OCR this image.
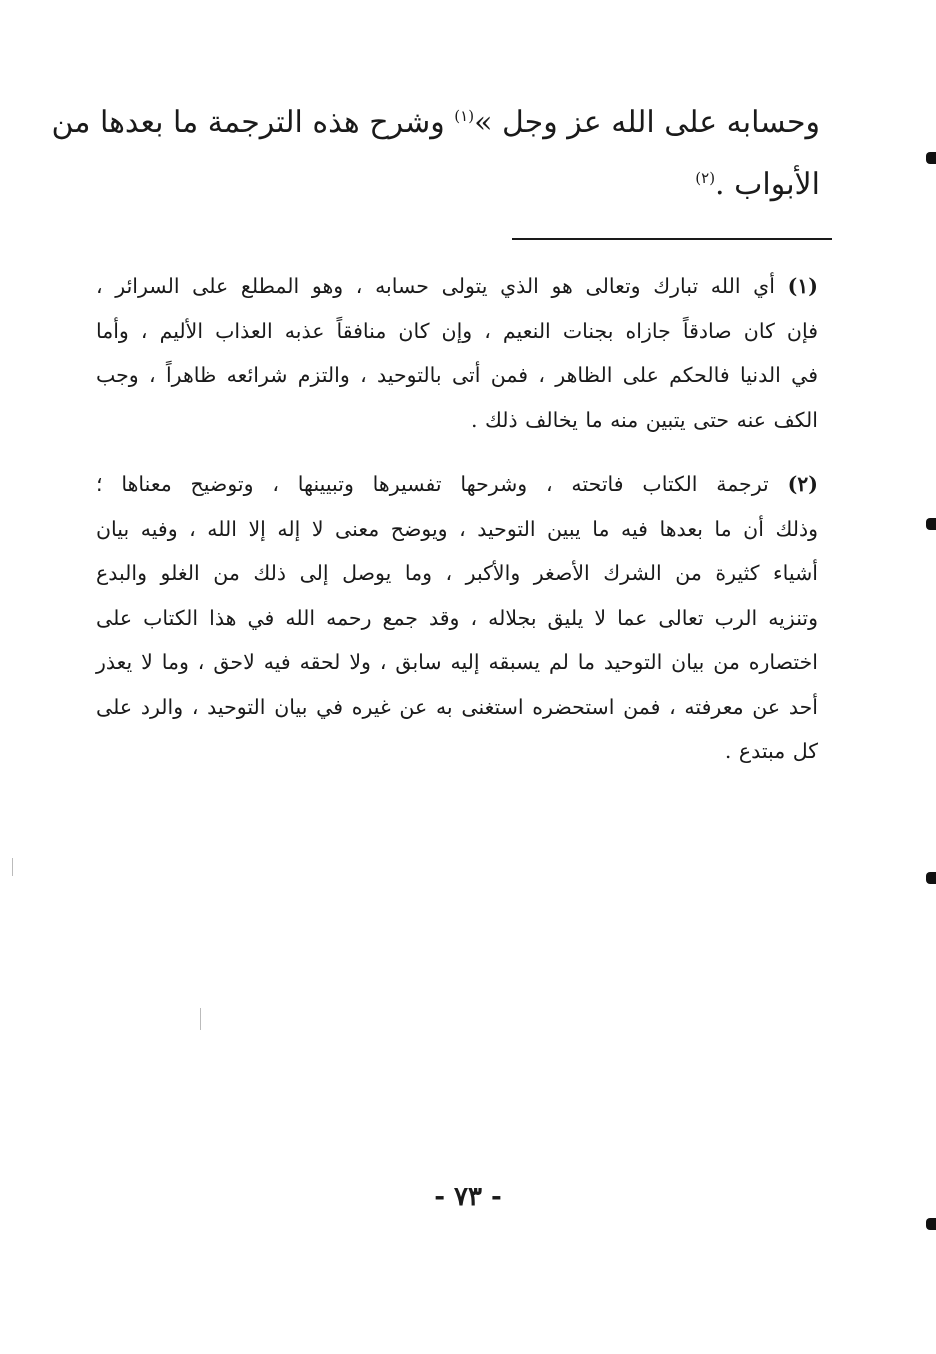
وحسابه على الله عز وجل »$^{(١)}$ وشرح هذه الترجمة ما بعدها من
الأبواب .$^{(٢)}$
(١) أي الله تبارك وتعالى هو الذي يتولى حسابه ، وهو المطلع على السرائر ،
فإن كان صادقاً جازاه بجنات النعيم ، وإن كان منافقاً عذبه العذاب الأليم ، وأما
في الدنيا فالحكم على الظاهر ، فمن أتى بالتوحيد ، والتزم شرائعه ظاهراً ، وجب
الكف عنه حتى يتبين منه ما يخالف ذلك .
(٢) ترجمة الكتاب فاتحته ، وشرحها تفسيرها وتبيينها ، وتوضيح معناها ؛
وذلك أن ما بعدها فيه ما يبين التوحيد ، ويوضح معنى لا إله إلا الله ، وفيه بيان
أشياء كثيرة من الشرك الأصغر والأكبر ، وما يوصل إلى ذلك من الغلو والبدع
وتنزيه الرب تعالى عما لا يليق بجلاله ، وقد جمع رحمه الله في هذا الكتاب على
اختصاره من بيان التوحيد ما لم يسبقه إليه سابق ، ولا لحقه فيه لاحق ، وما لا يعذر
أحد عن معرفته ، فمن استحضره استغنى به عن غيره في بيان التوحيد ، والرد على
كل مبتدع .
- ٧٣ -
